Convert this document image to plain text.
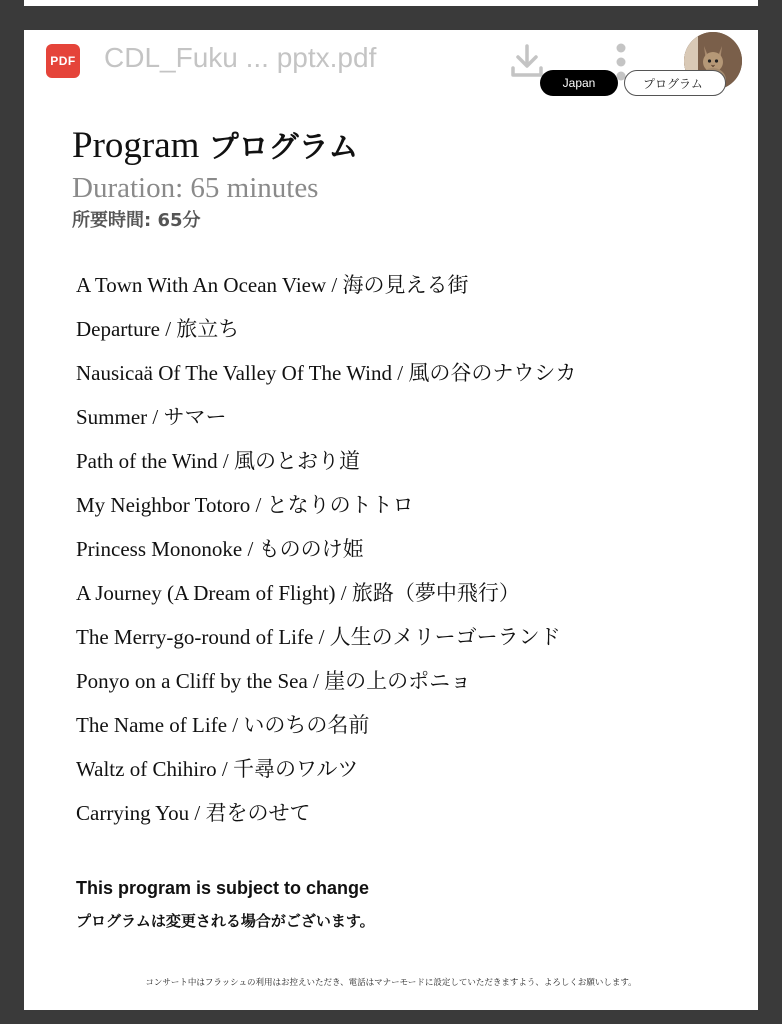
PDF CDL_Fuku ... pptx.pdf
Japan	プログラム
Program プログラム
Duration: 65 minutes
所要時間: 65分
A Town With An Ocean View / 海の見える街
Departure / 旅立ち
Nausicaä Of The Valley Of The Wind / 風の谷のナウシカ
Summer / サマー
Path of the Wind / 風のとおり道
My Neighbor Totoro / となりのトトロ
Princess Mononoke / もののけ姫
A Journey (A Dream of Flight) / 旅路（夢中飛行）
The Merry-go-round of Life / 人生のメリーゴーランド
Ponyo on a Cliff by the Sea / 崖の上のポニョ
The Name of Life / いのちの名前
Waltz of Chihiro / 千尋のワルツ
Carrying You / 君をのせて
This program is subject to change
プログラムは変更される場合がございます。
コンサート中はフラッシュの利用はお控えいただき、電話はマナーモードに設定していただきますよう、よろしくお願いします。
